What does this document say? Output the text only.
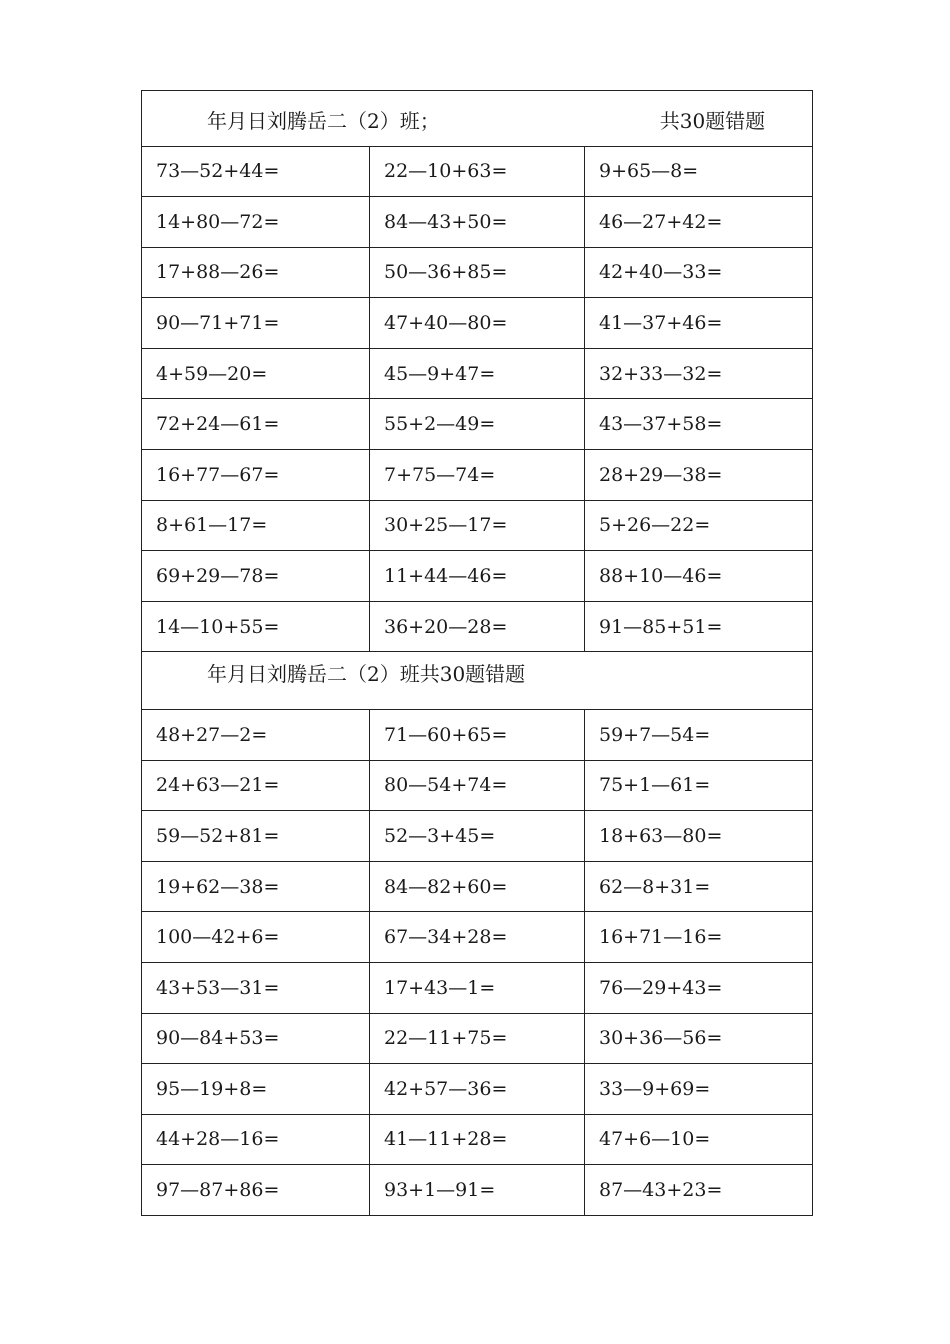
年月日刘腾岳二（2）班； 共30题错题		
73—52+44=	22—10+63=	9+65—8=
14+80—72=	84—43+50=	46—27+42=
17+88—26=	50—36+85=	42+40—33=
90—71+71=	47+40—80=	41—37+46=
4+59—20=	45—9+47=	32+33—32=
72+24—61=	55+2—49=	43—37+58=
16+77—67=	7+75—74=	28+29—38=
8+61—17=	30+25—17=	5+26—22=
69+29—78=	11+44—46=	88+10—46=
14—10+55=	36+20—28=	91—85+51=
年月日刘腾岳二（2）班共30题错题		
48+27—2=	71—60+65=	59+7—54=
24+63—21=	80—54+74=	75+1—61=
59—52+81=	52—3+45=	18+63—80=
19+62—38=	84—82+60=	62—8+31=
100—42+6=	67—34+28=	16+71—16=
43+53—31=	17+43—1=	76—29+43=
90—84+53=	22—11+75=	30+36—56=
95—19+8=	42+57—36=	33—9+69=
44+28—16=	41—11+28=	47+6—10=
97—87+86=	93+1—91=	87—43+23=
